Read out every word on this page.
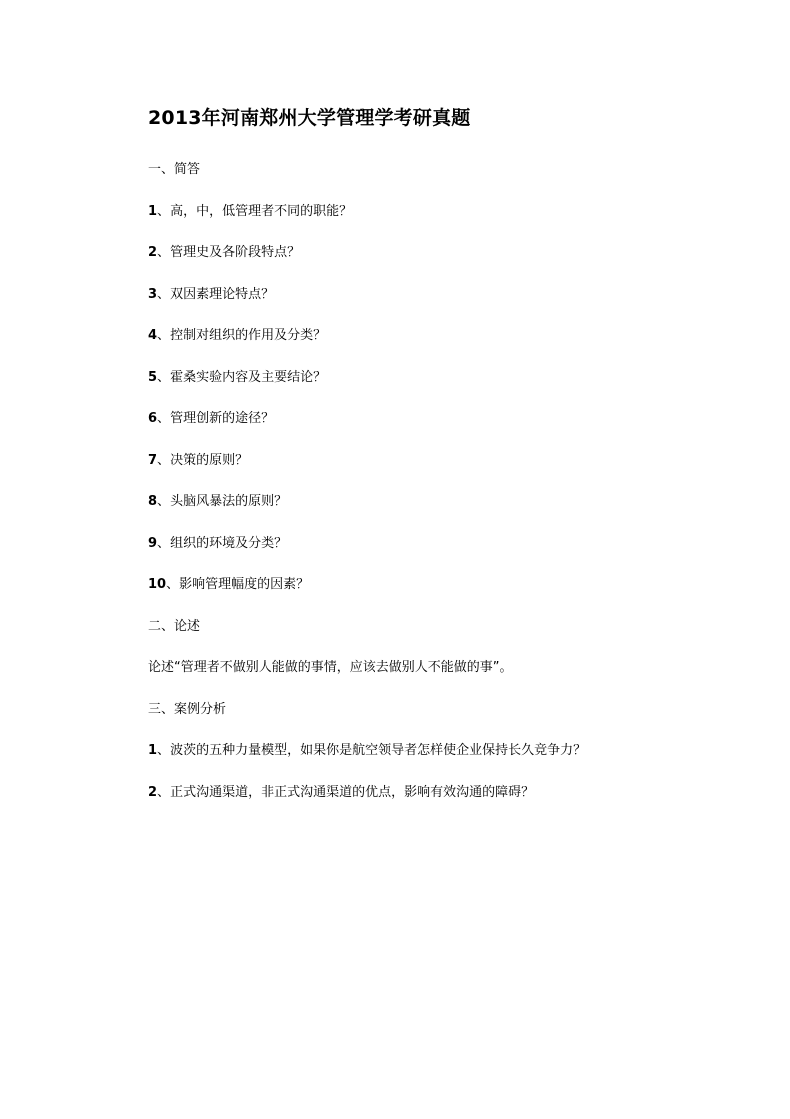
2013年河南郑州大学管理学考研真题
一、简答
1、高，中，低管理者不同的职能？
2、管理史及各阶段特点？
3、双因素理论特点？
4、控制对组织的作用及分类？
5、霍桑实验内容及主要结论？
6、管理创新的途径？
7、决策的原则？
8、头脑风暴法的原则？
9、组织的环境及分类？
10、影响管理幅度的因素？
二、论述
论述“管理者不做别人能做的事情，应该去做别人不能做的事”。
三、案例分析
1、波茨的五种力量模型，如果你是航空领导者怎样使企业保持长久竞争力？
2、正式沟通渠道，非正式沟通渠道的优点，影响有效沟通的障碍？
